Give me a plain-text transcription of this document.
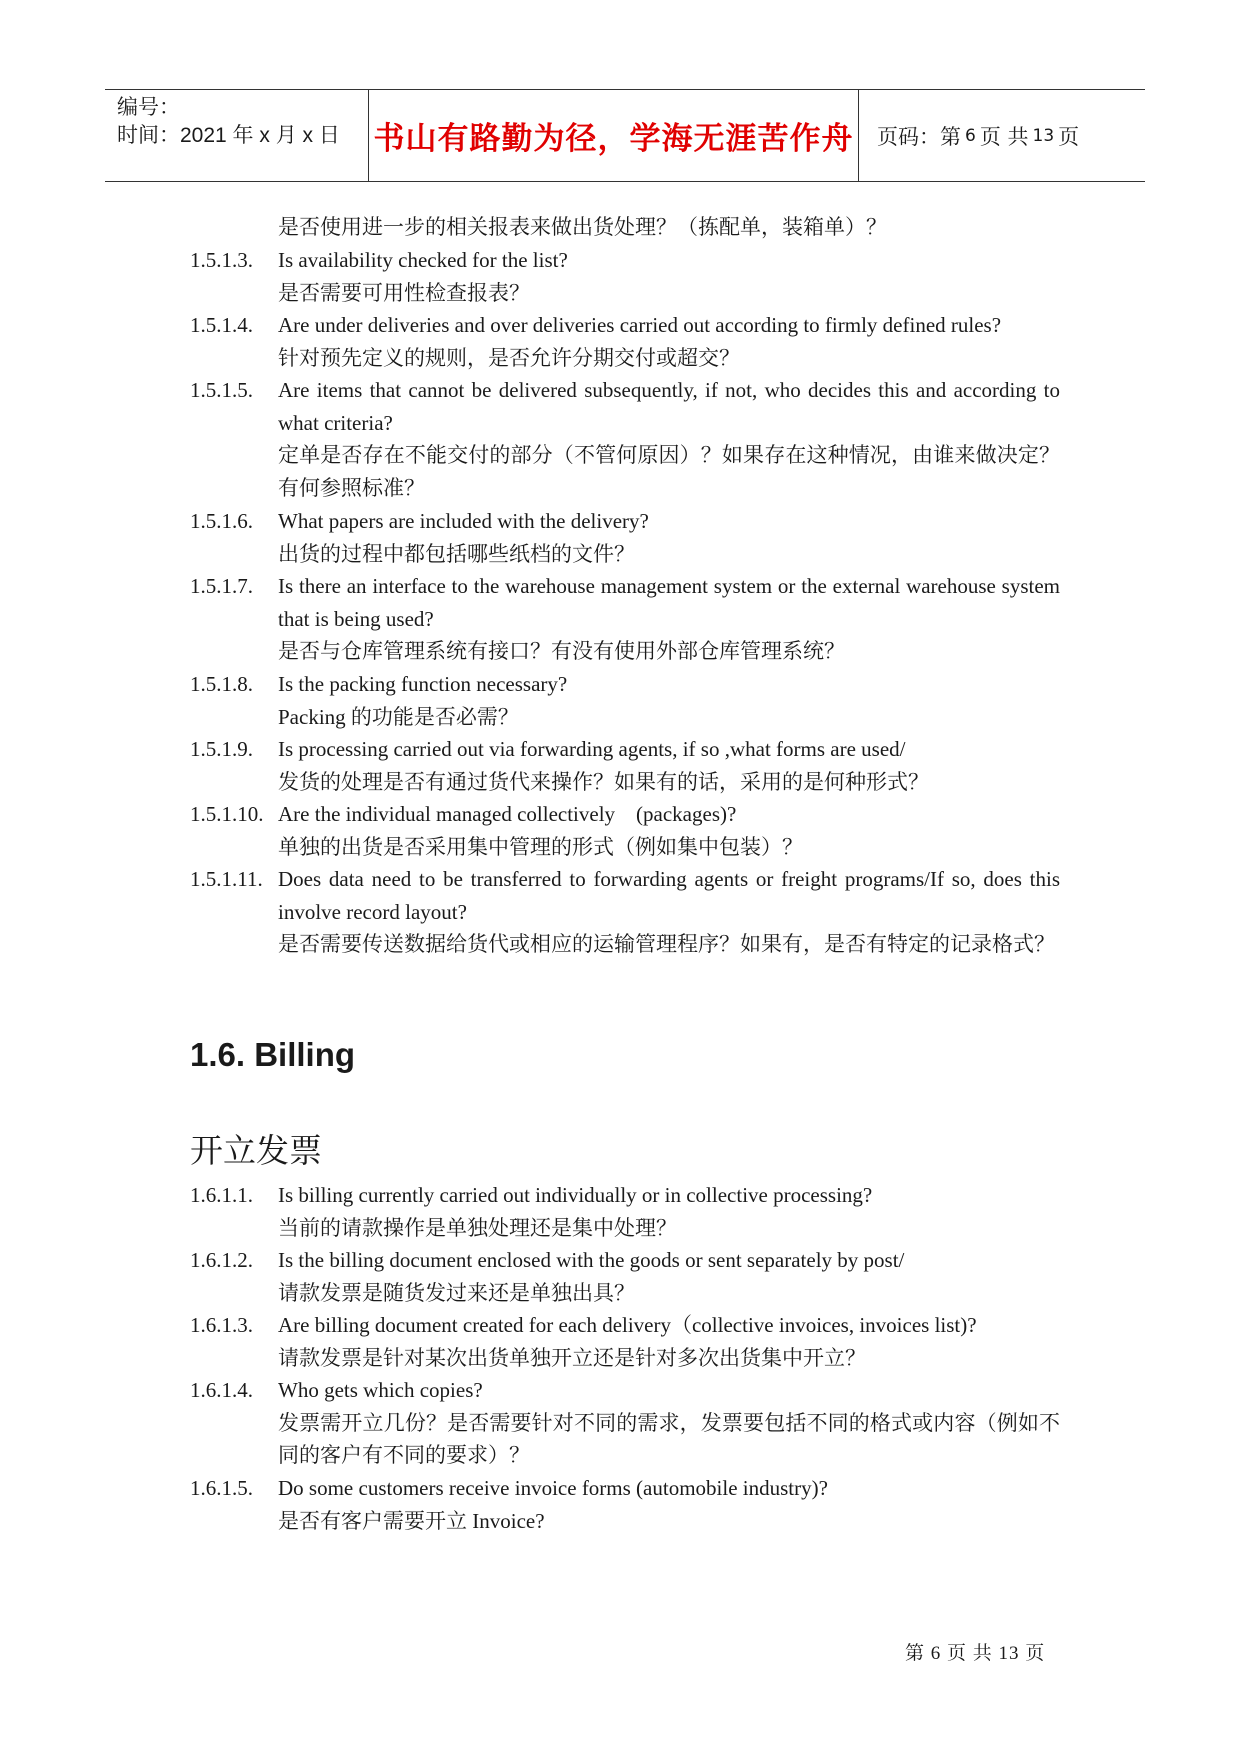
编号：
时间：2021 年 x 月 x 日	书山有路勤为径，学海无涯苦作舟 页码：第 6 页 共 13 页
是否使用进一步的相关报表来做出货处理？（拣配单，装箱单）？
1.5.1.3. Is availability checked for the list?

是否需要可用性检查报表？

1.5.1.4. Are under deliveries and over deliveries carried out according to firmly defined rules?

针对预先定义的规则，是否允许分期交付或超交？

1.5.1.5. Are items that cannot be delivered subsequently, if not, who decides this and according to what criteria?

定单是否存在不能交付的部分（不管何原因）？如果存在这种情况，由谁来做决定？有何参照标准？

1.5.1.6. What papers are included with the delivery?

出货的过程中都包括哪些纸档的文件？

1.5.1.7. Is there an interface to the warehouse management system or the external warehouse system that is being used?

是否与仓库管理系统有接口？有没有使用外部仓库管理系统？

1.5.1.8. Is the packing function necessary?

Packing 的功能是否必需？

1.5.1.9. Is processing carried out via forwarding agents, if so ,what forms are used/

发货的处理是否有通过货代来操作？如果有的话，采用的是何种形式？

1.5.1.10. Are the individual managed collectively　(packages)?

单独的出货是否采用集中管理的形式（例如集中包装）？

1.5.1.11. Does data need to be transferred to forwarding agents or freight programs/If so, does this involve record layout?

是否需要传送数据给货代或相应的运输管理程序？如果有，是否有特定的记录格式？

1.6. Billing
开立发票
1.6.1.1. Is billing currently carried out individually or in collective processing?

当前的请款操作是单独处理还是集中处理？

1.6.1.2. Is the billing document enclosed with the goods or sent separately by post/

请款发票是随货发过来还是单独出具？

1.6.1.3. Are billing document created for each delivery（collective invoices, invoices list)?

请款发票是针对某次出货单独开立还是针对多次出货集中开立？

1.6.1.4. Who gets which copies?

发票需开立几份？是否需要针对不同的需求，发票要包括不同的格式或内容（例如不同的客户有不同的要求）？

1.6.1.5. Do some customers receive invoice forms (automobile industry)?

是否有客户需要开立 Invoice?

第 6 页 共 13 页
